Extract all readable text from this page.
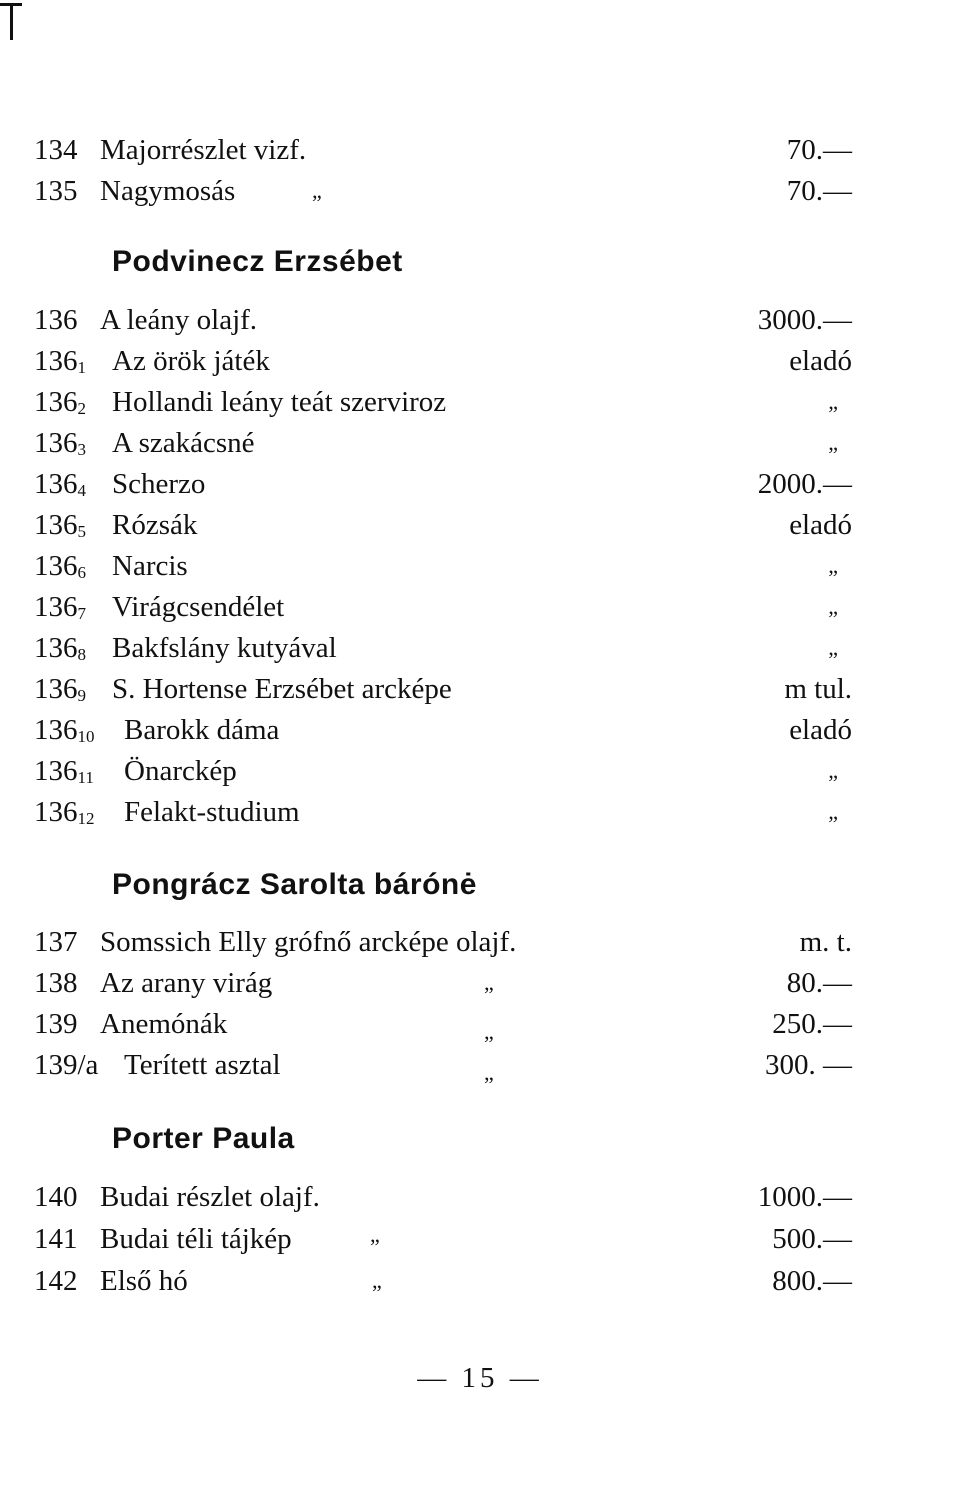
134 Majorrészlet vizf.	70.—
135 Nagymosás	„	70.—
Podvinecz Erzsébet
136 A leány olajf.	3000.—
1361 Az örök játék	eladó
1362 Hollandi leány teát szerviroz	„
1363 A szakácsné	„
1364 Scherzo	2000.—
1365 Rózsák	eladó
1366 Narcis	„
1367 Virágcsendélet	„
1368 Bakfslány kutyával	„
1369 S. Hortense Erzsébet arcképe	m tul.
13610 Barokk dáma	eladó
13611 Önarckép	„
13612 Felakt-studium	„
Pongrácz Sarolta bárónė
137 Somssich Elly grófnő arcképe olajf.	m. t.
138 Az arany virág	„	80.—
139 Anemónák	„	250.—
139/a Terített asztal	„	300. —
Porter Paula
140 Budai részlet olajf.	1000.—
141 Budai téli tájkép	„	500.—
142 Első hó	„	800.—
— 15 —
